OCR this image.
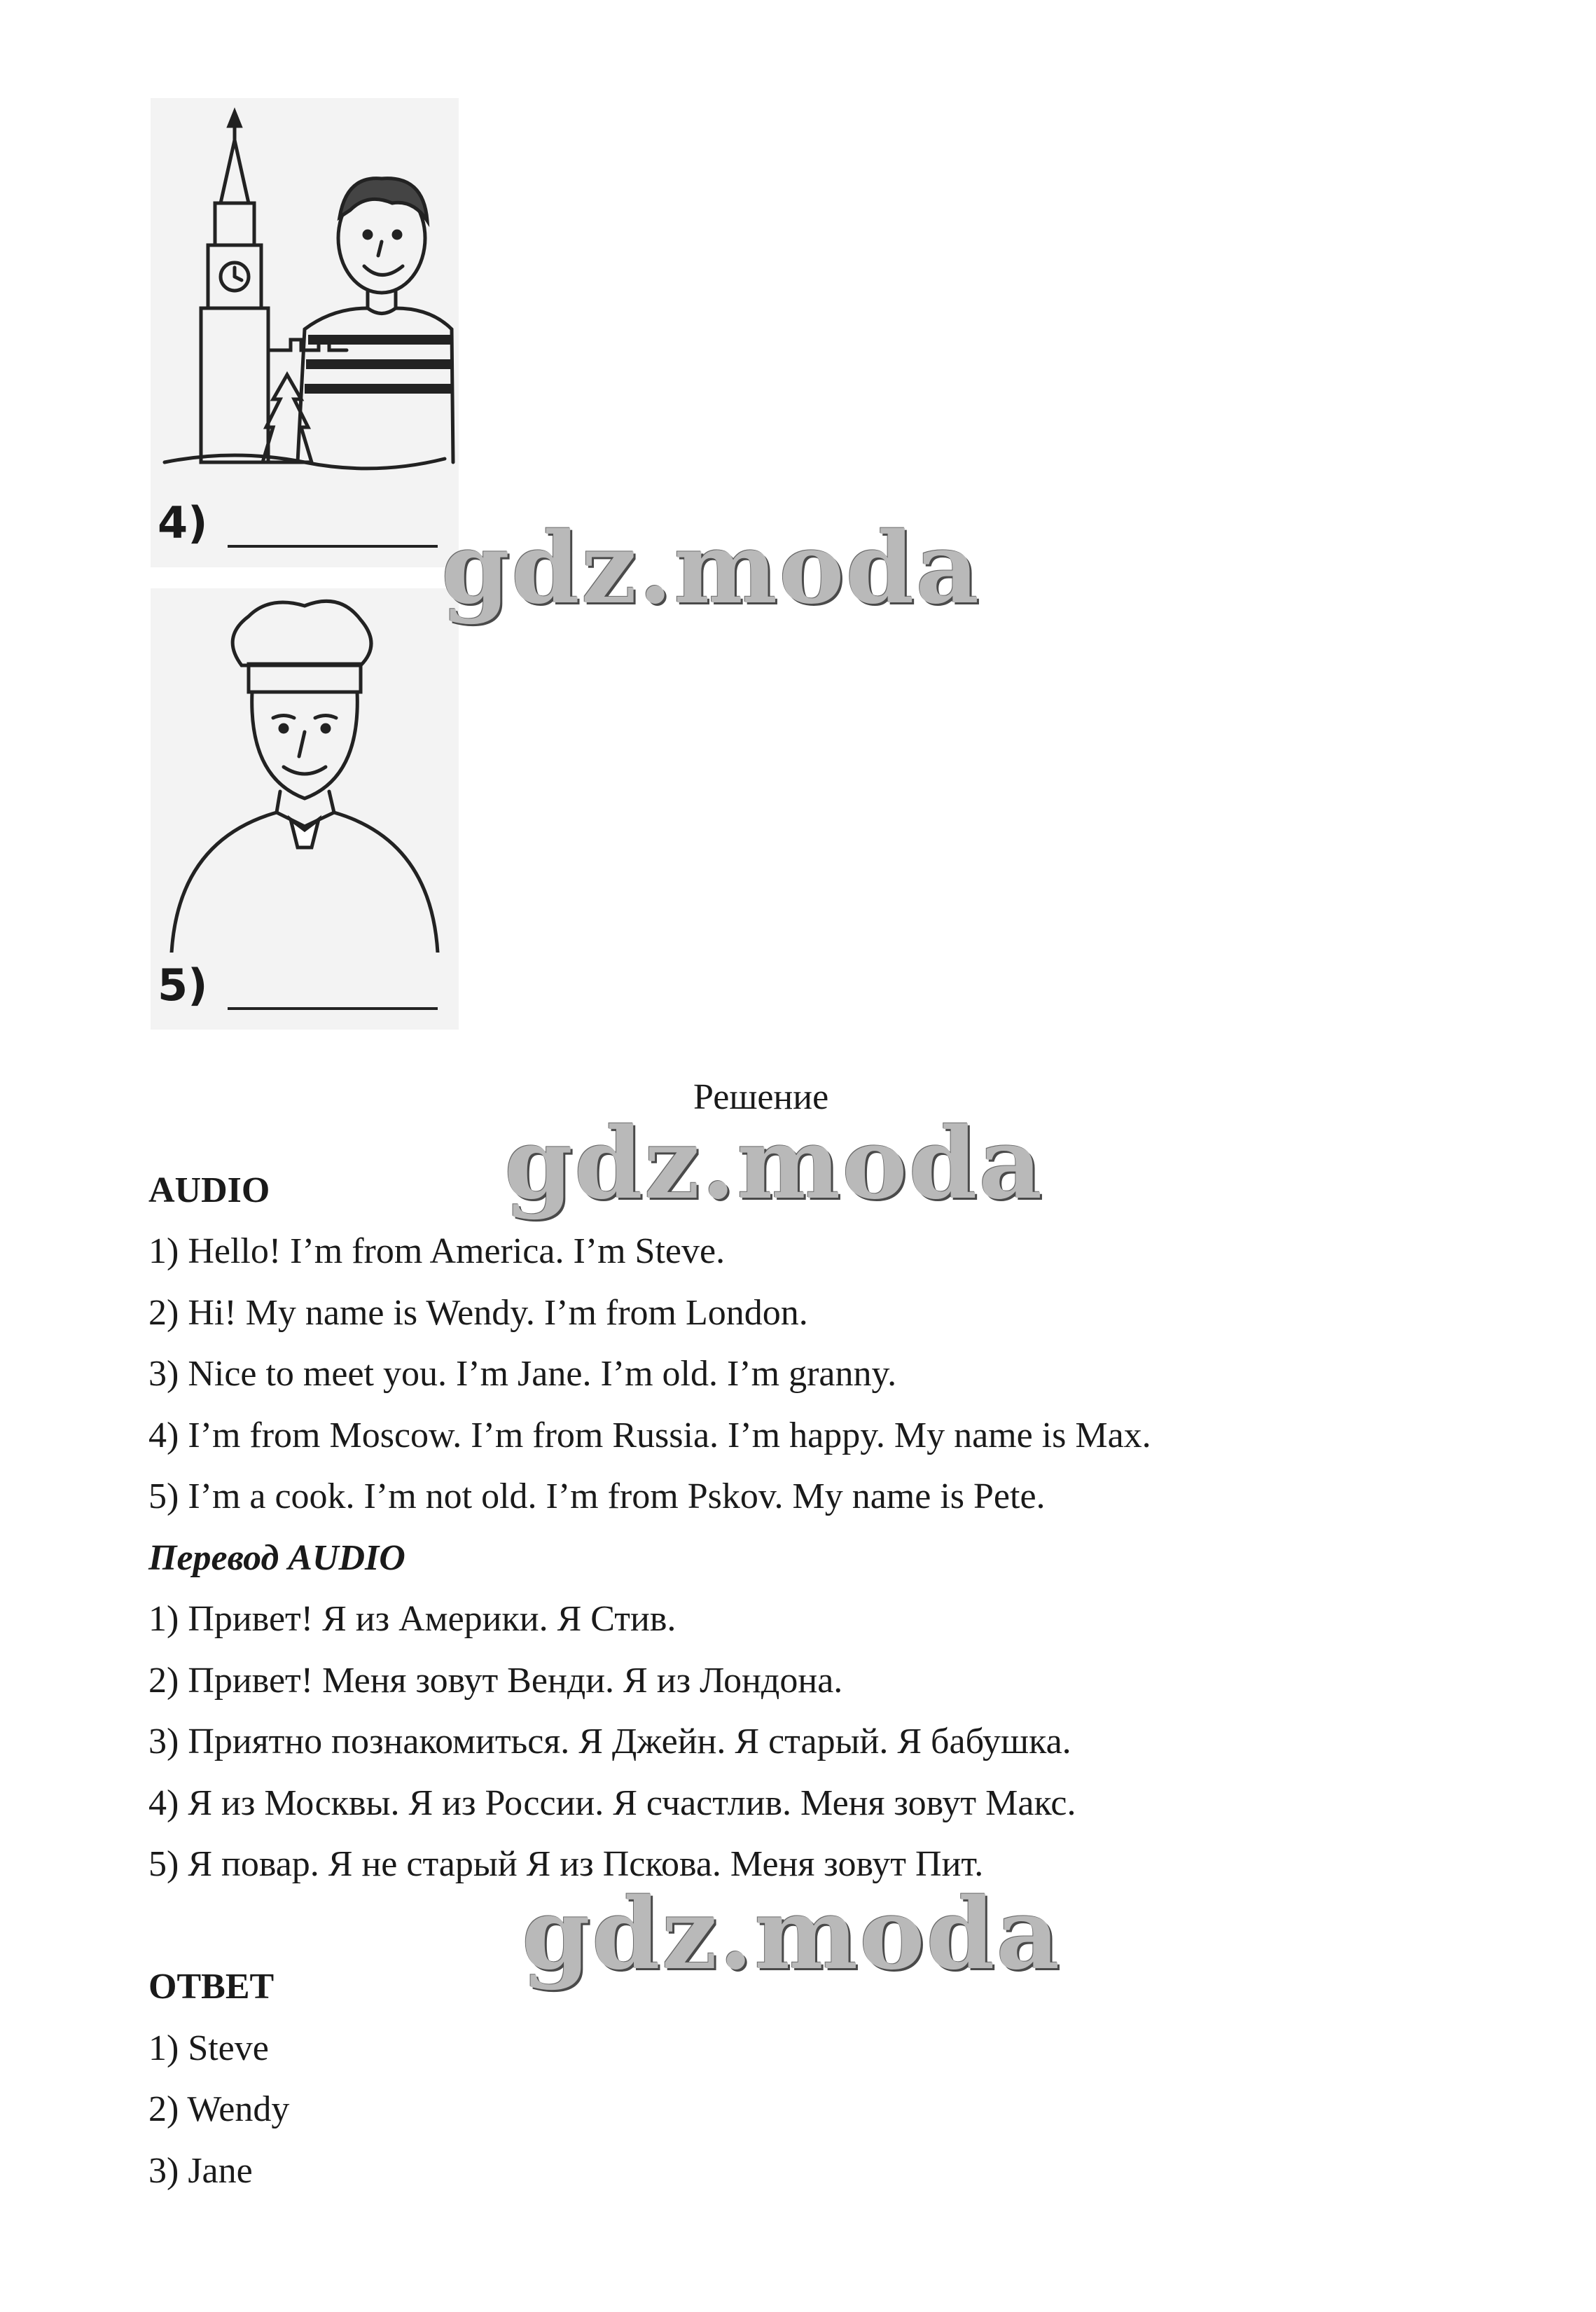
4)
5)
gdz.moda
gdz.moda
gdz.moda
Решение
AUDIO
1) Hello! I’m from America. I’m Steve.
2) Hi! My name is Wendy. I’m from London.
3) Nice to meet you. I’m Jane. I’m old. I’m granny.
4) I’m from Moscow. I’m from Russia. I’m happy. My name is Max.
5) I’m a cook. I’m not old. I’m from Pskov. My name is Pete.
Перевод AUDIO
1) Привет! Я из Америки. Я Стив.
2) Привет! Меня зовут Венди. Я из Лондона.
3) Приятно познакомиться. Я Джейн. Я старый. Я бабушка.
4) Я из Москвы. Я из России. Я счастлив. Меня зовут Макс.
5) Я повар. Я не старый Я из Пскова. Меня зовут Пит.
ОТВЕТ
1) Steve
2) Wendy
3) Jane
